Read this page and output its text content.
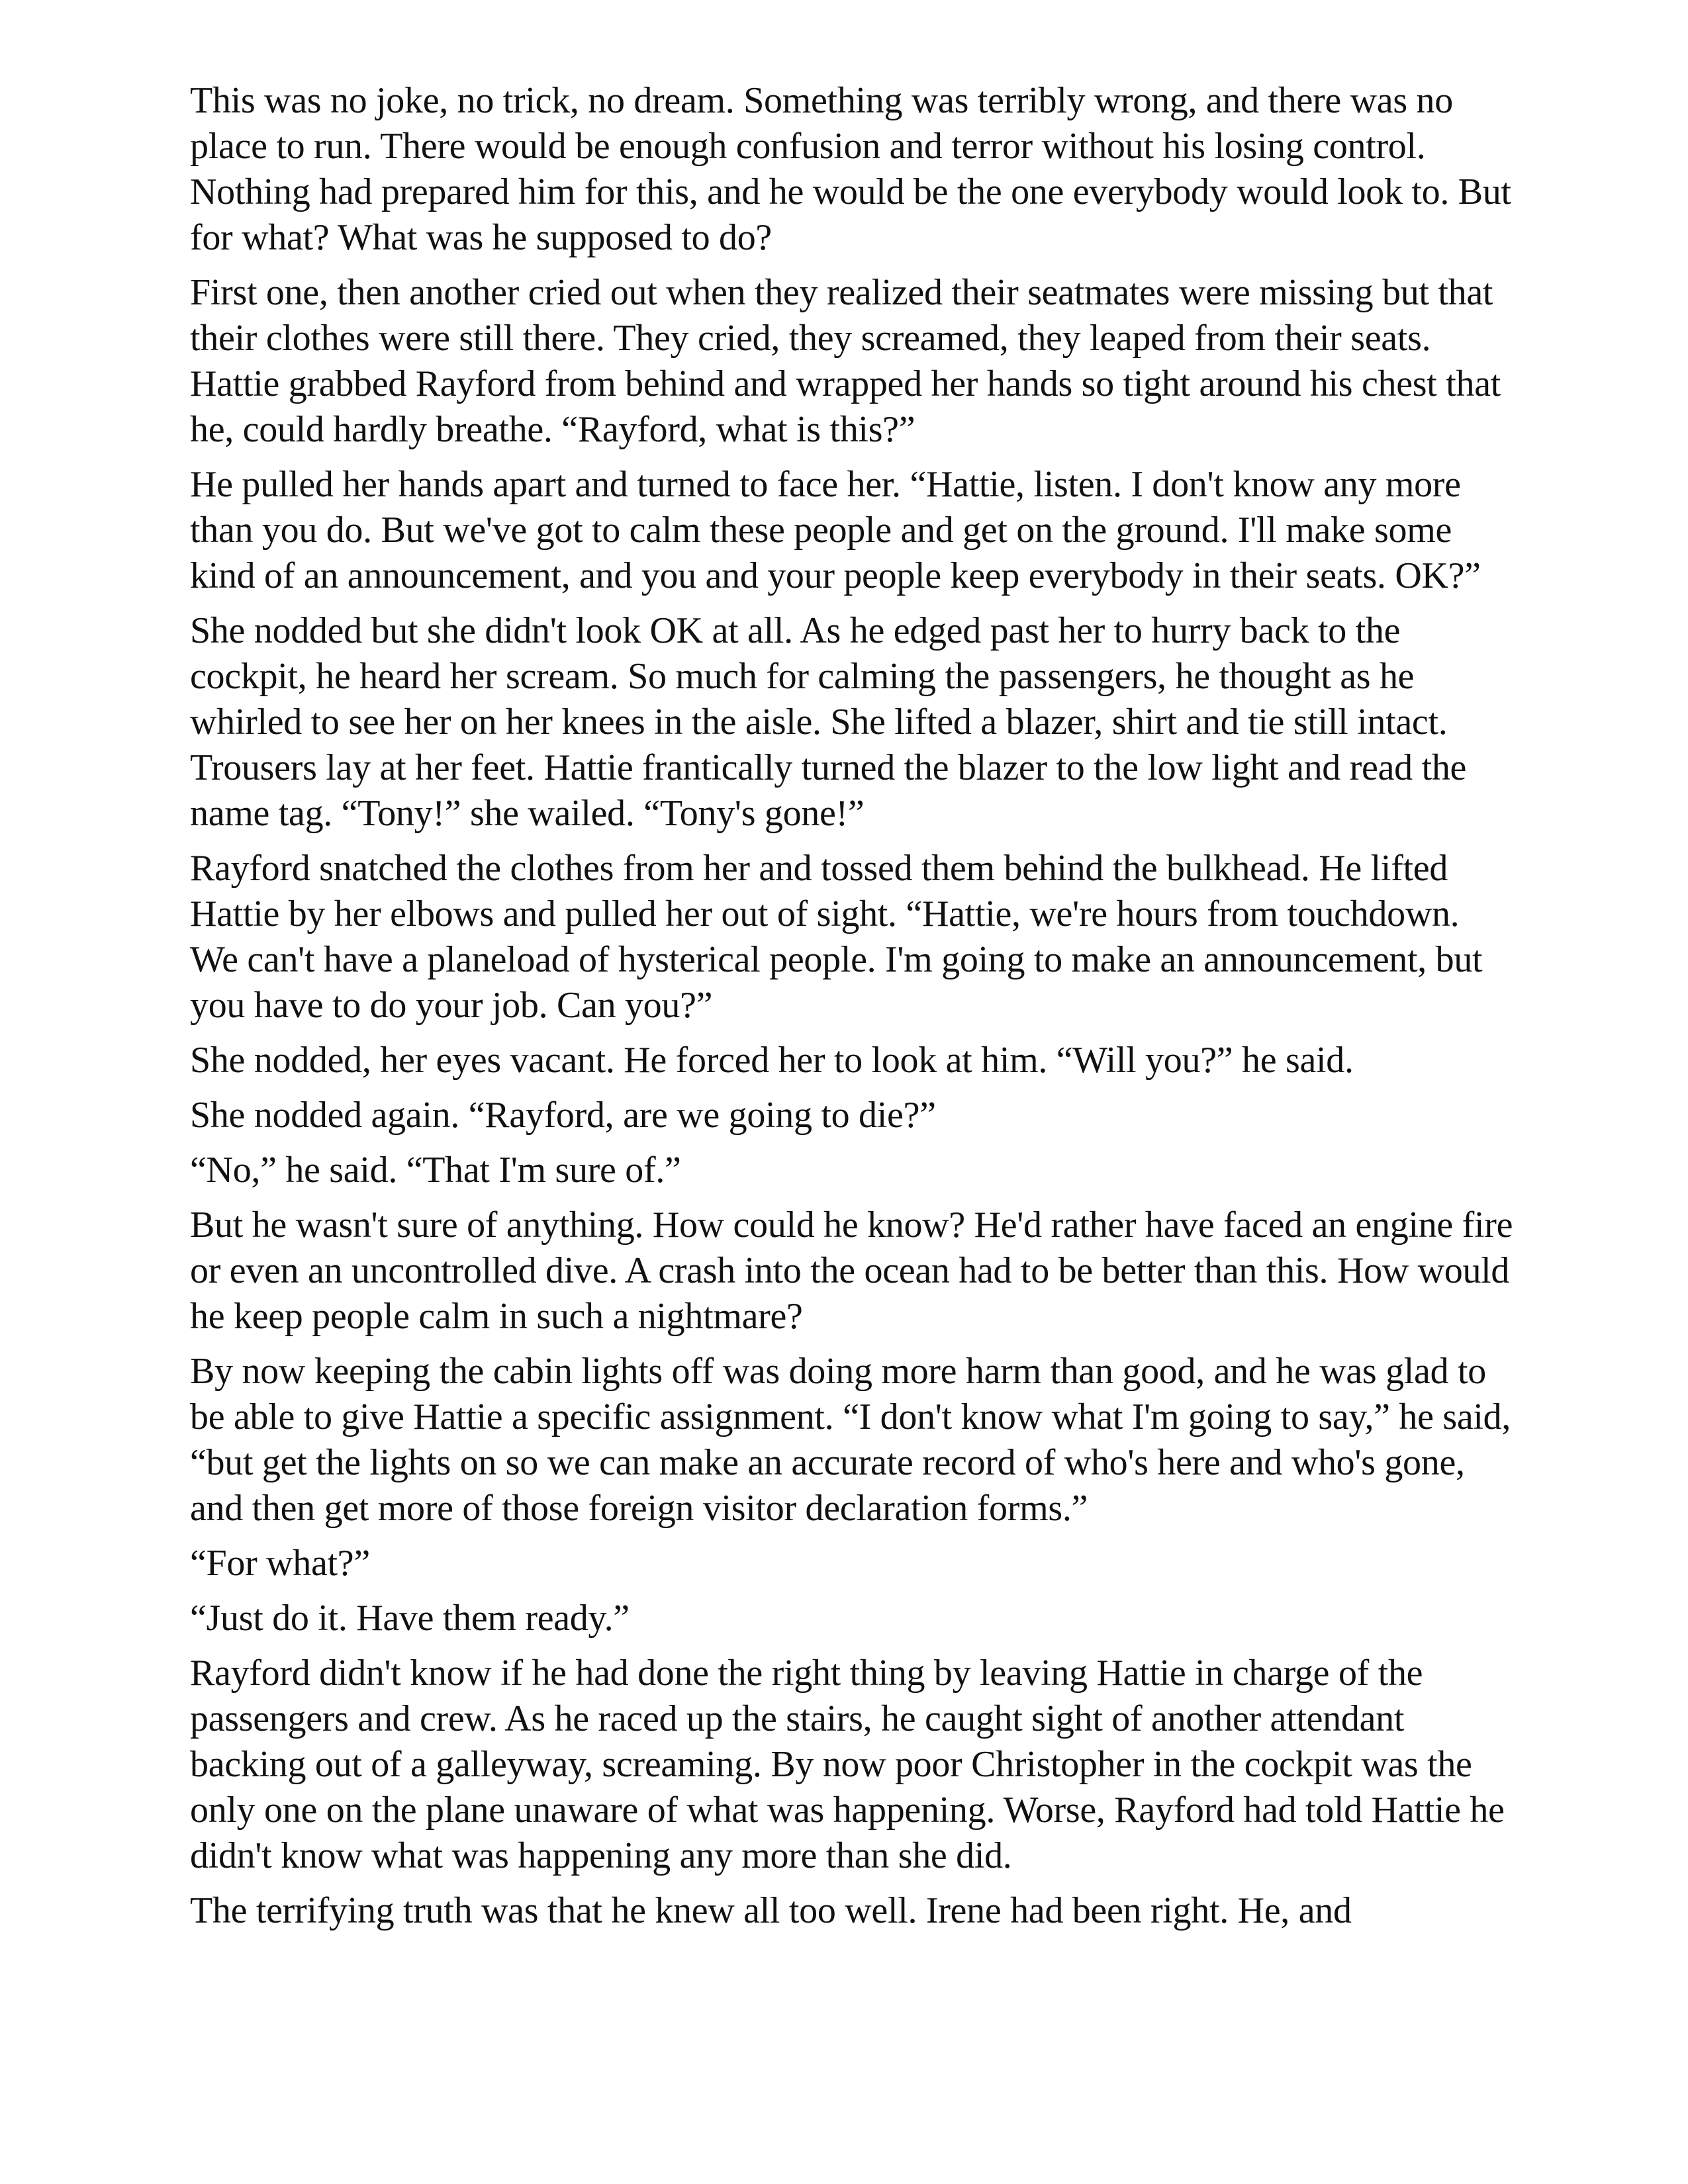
This was no joke, no trick, no dream. Something was terribly wrong, and there was no place to run. There would be enough confusion and terror without his losing control. Nothing had prepared him for this, and he would be the one everybody would look to. But for what? What was he supposed to do?

First one, then another cried out when they realized their seatmates were missing but that their clothes were still there. They cried, they screamed, they leaped from their seats. Hattie grabbed Rayford from behind and wrapped her hands so tight around his chest that he, could hardly breathe. “Rayford, what is this?”

He pulled her hands apart and turned to face her. “Hattie, listen. I don't know any more than you do. But we've got to calm these people and get on the ground. I'll make some kind of an announcement, and you and your people keep everybody in their seats. OK?”

She nodded but she didn't look OK at all. As he edged past her to hurry back to the cockpit, he heard her scream. So much for calming the passengers, he thought as he whirled to see her on her knees in the aisle. She lifted a blazer, shirt and tie still intact. Trousers lay at her feet. Hattie frantically turned the blazer to the low light and read the name tag. “Tony!” she wailed. “Tony's gone!”

Rayford snatched the clothes from her and tossed them behind the bulkhead. He lifted Hattie by her elbows and pulled her out of sight. “Hattie, we're hours from touchdown. We can't have a planeload of hysterical people. I'm going to make an announcement, but you have to do your job. Can you?”

She nodded, her eyes vacant. He forced her to look at him. “Will you?” he said.

She nodded again. “Rayford, are we going to die?”

“No,” he said. “That I'm sure of.”

But he wasn't sure of anything. How could he know? He'd rather have faced an engine fire or even an uncontrolled dive. A crash into the ocean had to be better than this. How would he keep people calm in such a nightmare?

By now keeping the cabin lights off was doing more harm than good, and he was glad to be able to give Hattie a specific assignment. “I don't know what I'm going to say,” he said, “but get the lights on so we can make an accurate record of who's here and who's gone, and then get more of those foreign visitor declaration forms.”

“For what?”

“Just do it. Have them ready.”

Rayford didn't know if he had done the right thing by leaving Hattie in charge of the passengers and crew. As he raced up the stairs, he caught sight of another attendant backing out of a galleyway, screaming. By now poor Christopher in the cockpit was the only one on the plane unaware of what was happening. Worse, Rayford had told Hattie he didn't know what was happening any more than she did.

The terrifying truth was that he knew all too well. Irene had been right. He, and
